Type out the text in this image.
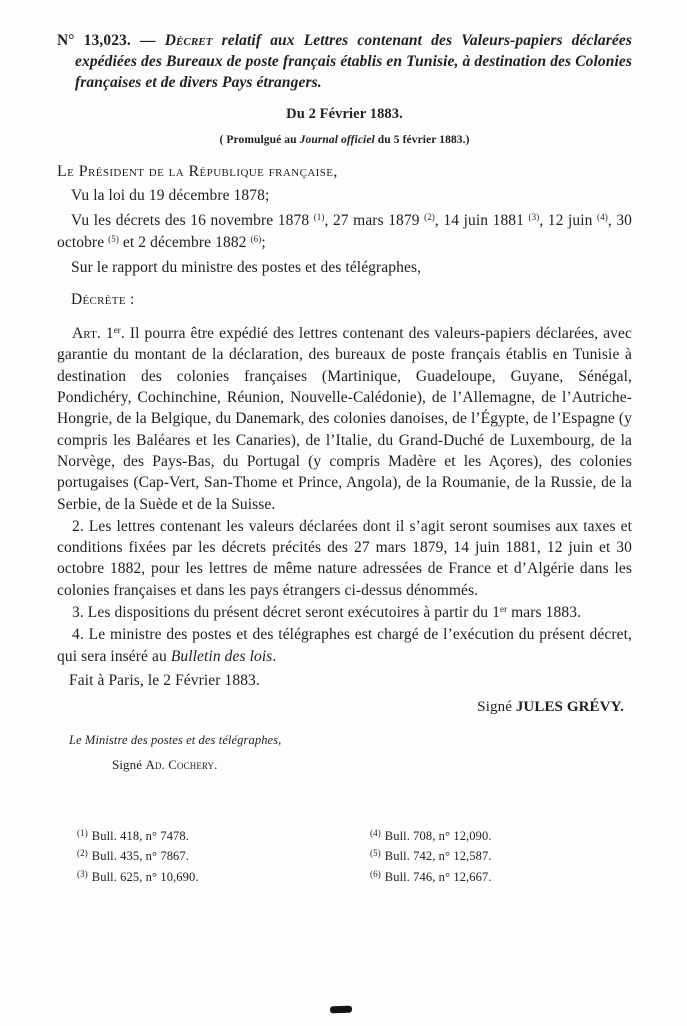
N° 13,023. — Décret relatif aux Lettres contenant des Valeurs-papiers déclarées expédiées des Bureaux de poste français établis en Tunisie, à destination des Colonies françaises et de divers Pays étrangers.

Du 2 Février 1883.

( Promulgué au Journal officiel du 5 février 1883.)

Le Président de la République française,

Vu la loi du 19 décembre 1878;

Vu les décrets des 16 novembre 1878 $^{(1)}$, 27 mars 1879 $^{(2)}$, 14 juin 1881 $^{(3)}$, 12 juin $^{(4)}$, 30 octobre $^{(5)}$ et 2 décembre 1882 $^{(6)}$;

Sur le rapport du ministre des postes et des télégraphes,

Décrète :

Art. 1er. Il pourra être expédié des lettres contenant des valeurs-papiers déclarées, avec garantie du montant de la déclaration, des bureaux de poste français établis en Tunisie à destination des colonies françaises (Martinique, Guadeloupe, Guyane, Sénégal, Pondichéry, Cochinchine, Réunion, Nouvelle-Calédonie), de l’Allemagne, de l’Autriche-Hongrie, de la Belgique, du Danemark, des colonies danoises, de l’Égypte, de l’Espagne (y compris les Baléares et les Canaries), de l’Italie, du Grand-Duché de Luxembourg, de la Norvège, des Pays-Bas, du Portugal (y compris Madère et les Açores), des colonies portugaises (Cap-Vert, San-Thome et Prince, Angola), de la Roumanie, de la Russie, de la Serbie, de la Suède et de la Suisse.

2. Les lettres contenant les valeurs déclarées dont il s’agit seront soumises aux taxes et conditions fixées par les décrets précités des 27 mars 1879, 14 juin 1881, 12 juin et 30 octobre 1882, pour les lettres de même nature adressées de France et d’Algérie dans les colonies françaises et dans les pays étrangers ci-dessus dénommés.

3. Les dispositions du présent décret seront exécutoires à partir du 1er mars 1883.

4. Le ministre des postes et des télégraphes est chargé de l’exécution du présent décret, qui sera inséré au Bulletin des lois.

Fait à Paris, le 2 Février 1883.

Signé JULES GRÉVY.

Le Ministre des postes et des télégraphes,

Signé Ad. Cochery.

$^{(1)}$ Bull. 418, n° 7478.

$^{(2)}$ Bull. 435, n° 7867.

$^{(3)}$ Bull. 625, n° 10,690.

$^{(4)}$ Bull. 708, n° 12,090.

$^{(5)}$ Bull. 742, n° 12,587.

$^{(6)}$ Bull. 746, n° 12,667.
